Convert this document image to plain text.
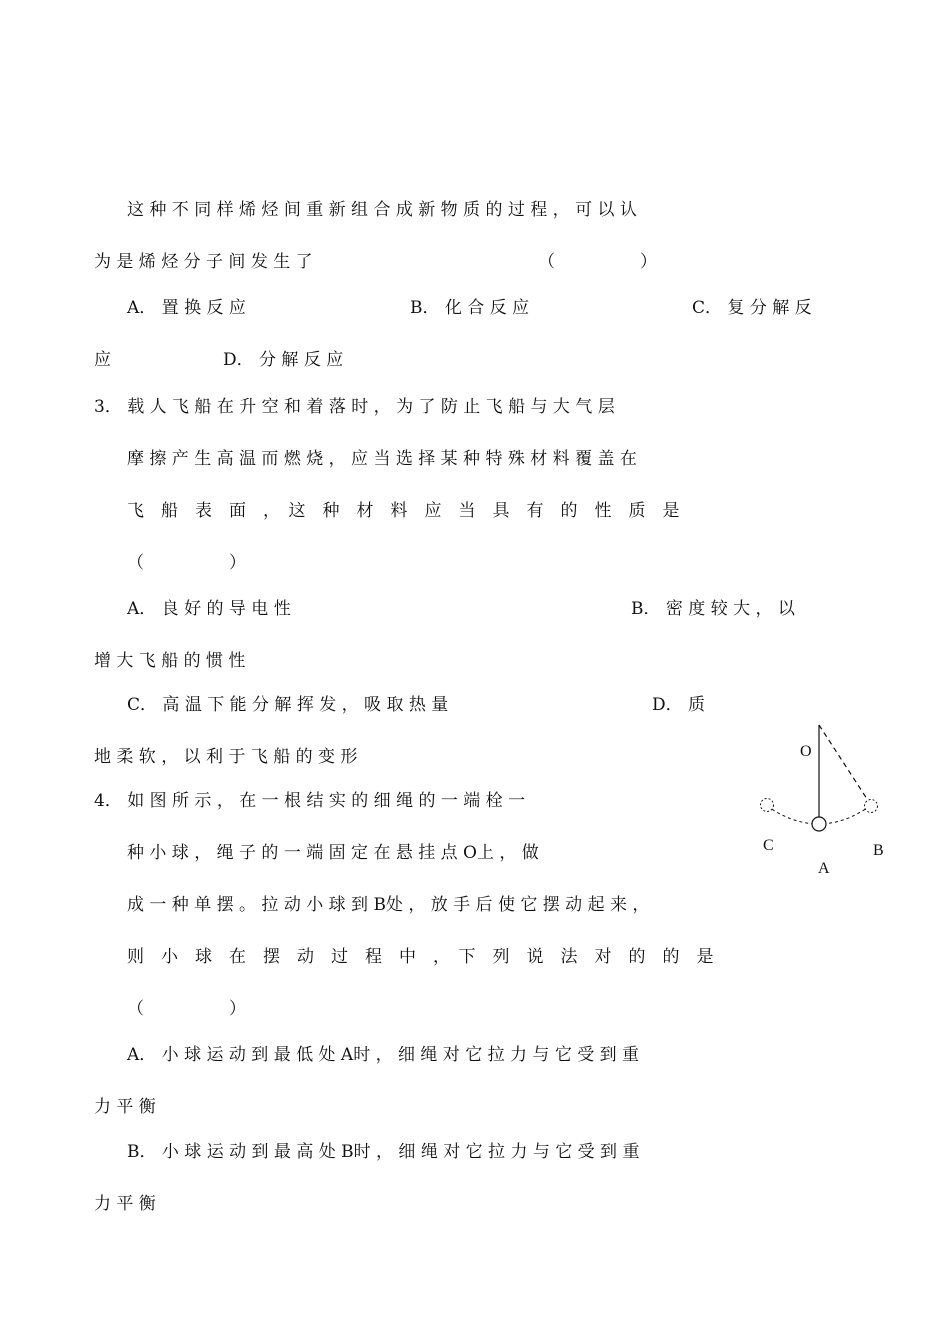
这 种 不 同 样 烯 烃 间 重 新 组 合 成 新 物 质 的 过 程 ， 可 以 认
为 是 烯 烃 分 子 间 发 生 了	（　　　　　）
A． 置 换 反 应	B． 化 合 反 应	C． 复 分 解 反
应	D． 分 解 反 应
3． 载 人 飞 船 在 升 空 和 着 落 时 ， 为 了 防 止 飞 船 与 大 气 层
摩 擦 产 生 高 温 而 燃 烧 ， 应 当 选 择 某 种 特 殊 材 料 覆 盖 在
飞　船　表　面　，　这　种　材　料　应　当　具　有　的　性　质　是
（　　　　　）
A． 良 好 的 导 电 性	B． 密 度 较 大 ， 以
增 大 飞 船 的 惯 性
C． 高 温 下 能 分 解 挥 发 ， 吸 取 热 量	D． 质
地 柔 软 ， 以 利 于 飞 船 的 变 形
4． 如 图 所 示 ， 在 一 根 结 实 的 细 绳 的 一 端 栓 一
种 小 球 ， 绳 子 的 一 端 固 定 在 悬 挂 点 O上 ， 做
成 一 种 单 摆 。 拉 动 小 球 到 B处 ， 放 手 后 使 它 摆 动 起 来 ，
则　小　球　在　摆　动　过　程　中　，　下　列　说　法　对　的　的　是
（　　　　　）
A． 小 球 运 动 到 最 低 处 A时 ， 细 绳 对 它 拉 力 与 它 受 到 重
力 平 衡
B． 小 球 运 动 到 最 高 处 B时 ， 细 绳 对 它 拉 力 与 它 受 到 重
力 平 衡
O
C
A
B
